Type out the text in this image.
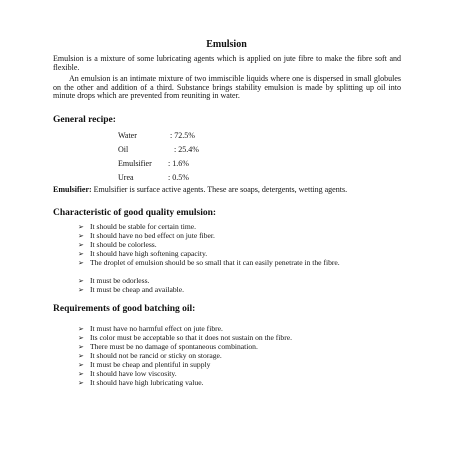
Emulsion
Emulsion is a mixture of some lubricating agents which is applied on jute fibre to make the fibre soft and flexible.
An emulsion is an intimate mixture of two immiscible liquids where one is dispersed in small globules on the other and addition of a third. Substance brings stability emulsion is made by splitting up oil into minute drops which are prevented from reuniting in water.
General recipe:
Water	: 72.5%
Oil	: 25.4%
Emulsifier : 1.6%
Urea	: 0.5%
Emulsifier: Emulsifier is surface active agents. These are soaps, detergents, wetting agents.
Characteristic of good quality emulsion:
➢ It should be stable for certain time.
➢ It should have no bed effect on jute fiber.
➢ It should be colorless.
➢ It should have high softening capacity.
➢ The droplet of emulsion should be so small that it can easily penetrate in the fibre.
➢ It must be odorless.
➢ It must be cheap and available.
Requirements of good batching oil:
➢ It must have no harmful effect on jute fibre.
➢ Its color must be acceptable so that it does not sustain on the fibre.
➢ There must be no damage of spontaneous combination.
➢ It should not be rancid or sticky on storage.
➢ It must be cheap and plentiful in supply
➢ It should have low viscosity.
➢ It should have high lubricating value.
